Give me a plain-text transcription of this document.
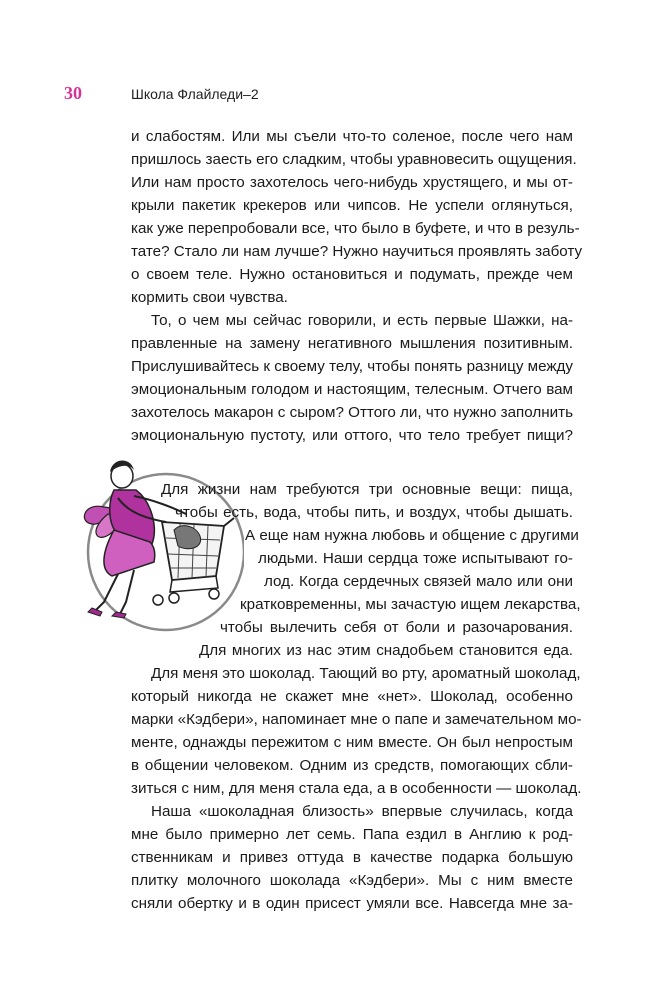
30	Школа Флайледи–2
и слабостям. Или мы съели что-то соленое, после чего нам
пришлось заесть его сладким, чтобы уравновесить ощущения.
Или нам просто захотелось чего-нибудь хрустящего, и мы от-
крыли пакетик крекеров или чипсов. Не успели оглянуться,
как уже перепробовали все, что было в буфете, и что в резуль-
тате? Стало ли нам лучше? Нужно научиться проявлять заботу
о своем теле. Нужно остановиться и подумать, прежде чем
кормить свои чувства.
То, о чем мы сейчас говорили, и есть первые Шажки, на-
правленные на замену негативного мышления позитивным.
Прислушивайтесь к своему телу, чтобы понять разницу между
эмоциональным голодом и настоящим, телесным. Отчего вам
захотелось макарон с сыром? Оттого ли, что нужно заполнить
эмоциональную пустоту, или оттого, что тело требует пищи?
Для жизни нам требуются три основные вещи: пища,
чтобы есть, вода, чтобы пить, и воздух, чтобы дышать.
А еще нам нужна любовь и общение с другими
людьми. Наши сердца тоже испытывают го-
лод. Когда сердечных связей мало или они
кратковременны, мы зачастую ищем лекарства,
чтобы вылечить себя от боли и разочарования.
Для многих из нас этим снадобьем становится еда.
Для меня это шоколад. Тающий во рту, ароматный шоколад,
который никогда не скажет мне «нет». Шоколад, особенно
марки «Кэдбери», напоминает мне о папе и замечательном мо-
менте, однажды пережитом с ним вместе. Он был непростым
в общении человеком. Одним из средств, помогающих сбли-
зиться с ним, для меня стала еда, а в особенности — шоколад.
Наша «шоколадная близость» впервые случилась, когда
мне было примерно лет семь. Папа ездил в Англию к род-
ственникам и привез оттуда в качестве подарка большую
плитку молочного шоколада «Кэдбери». Мы с ним вместе
сняли обертку и в один присест умяли все. Навсегда мне за-
